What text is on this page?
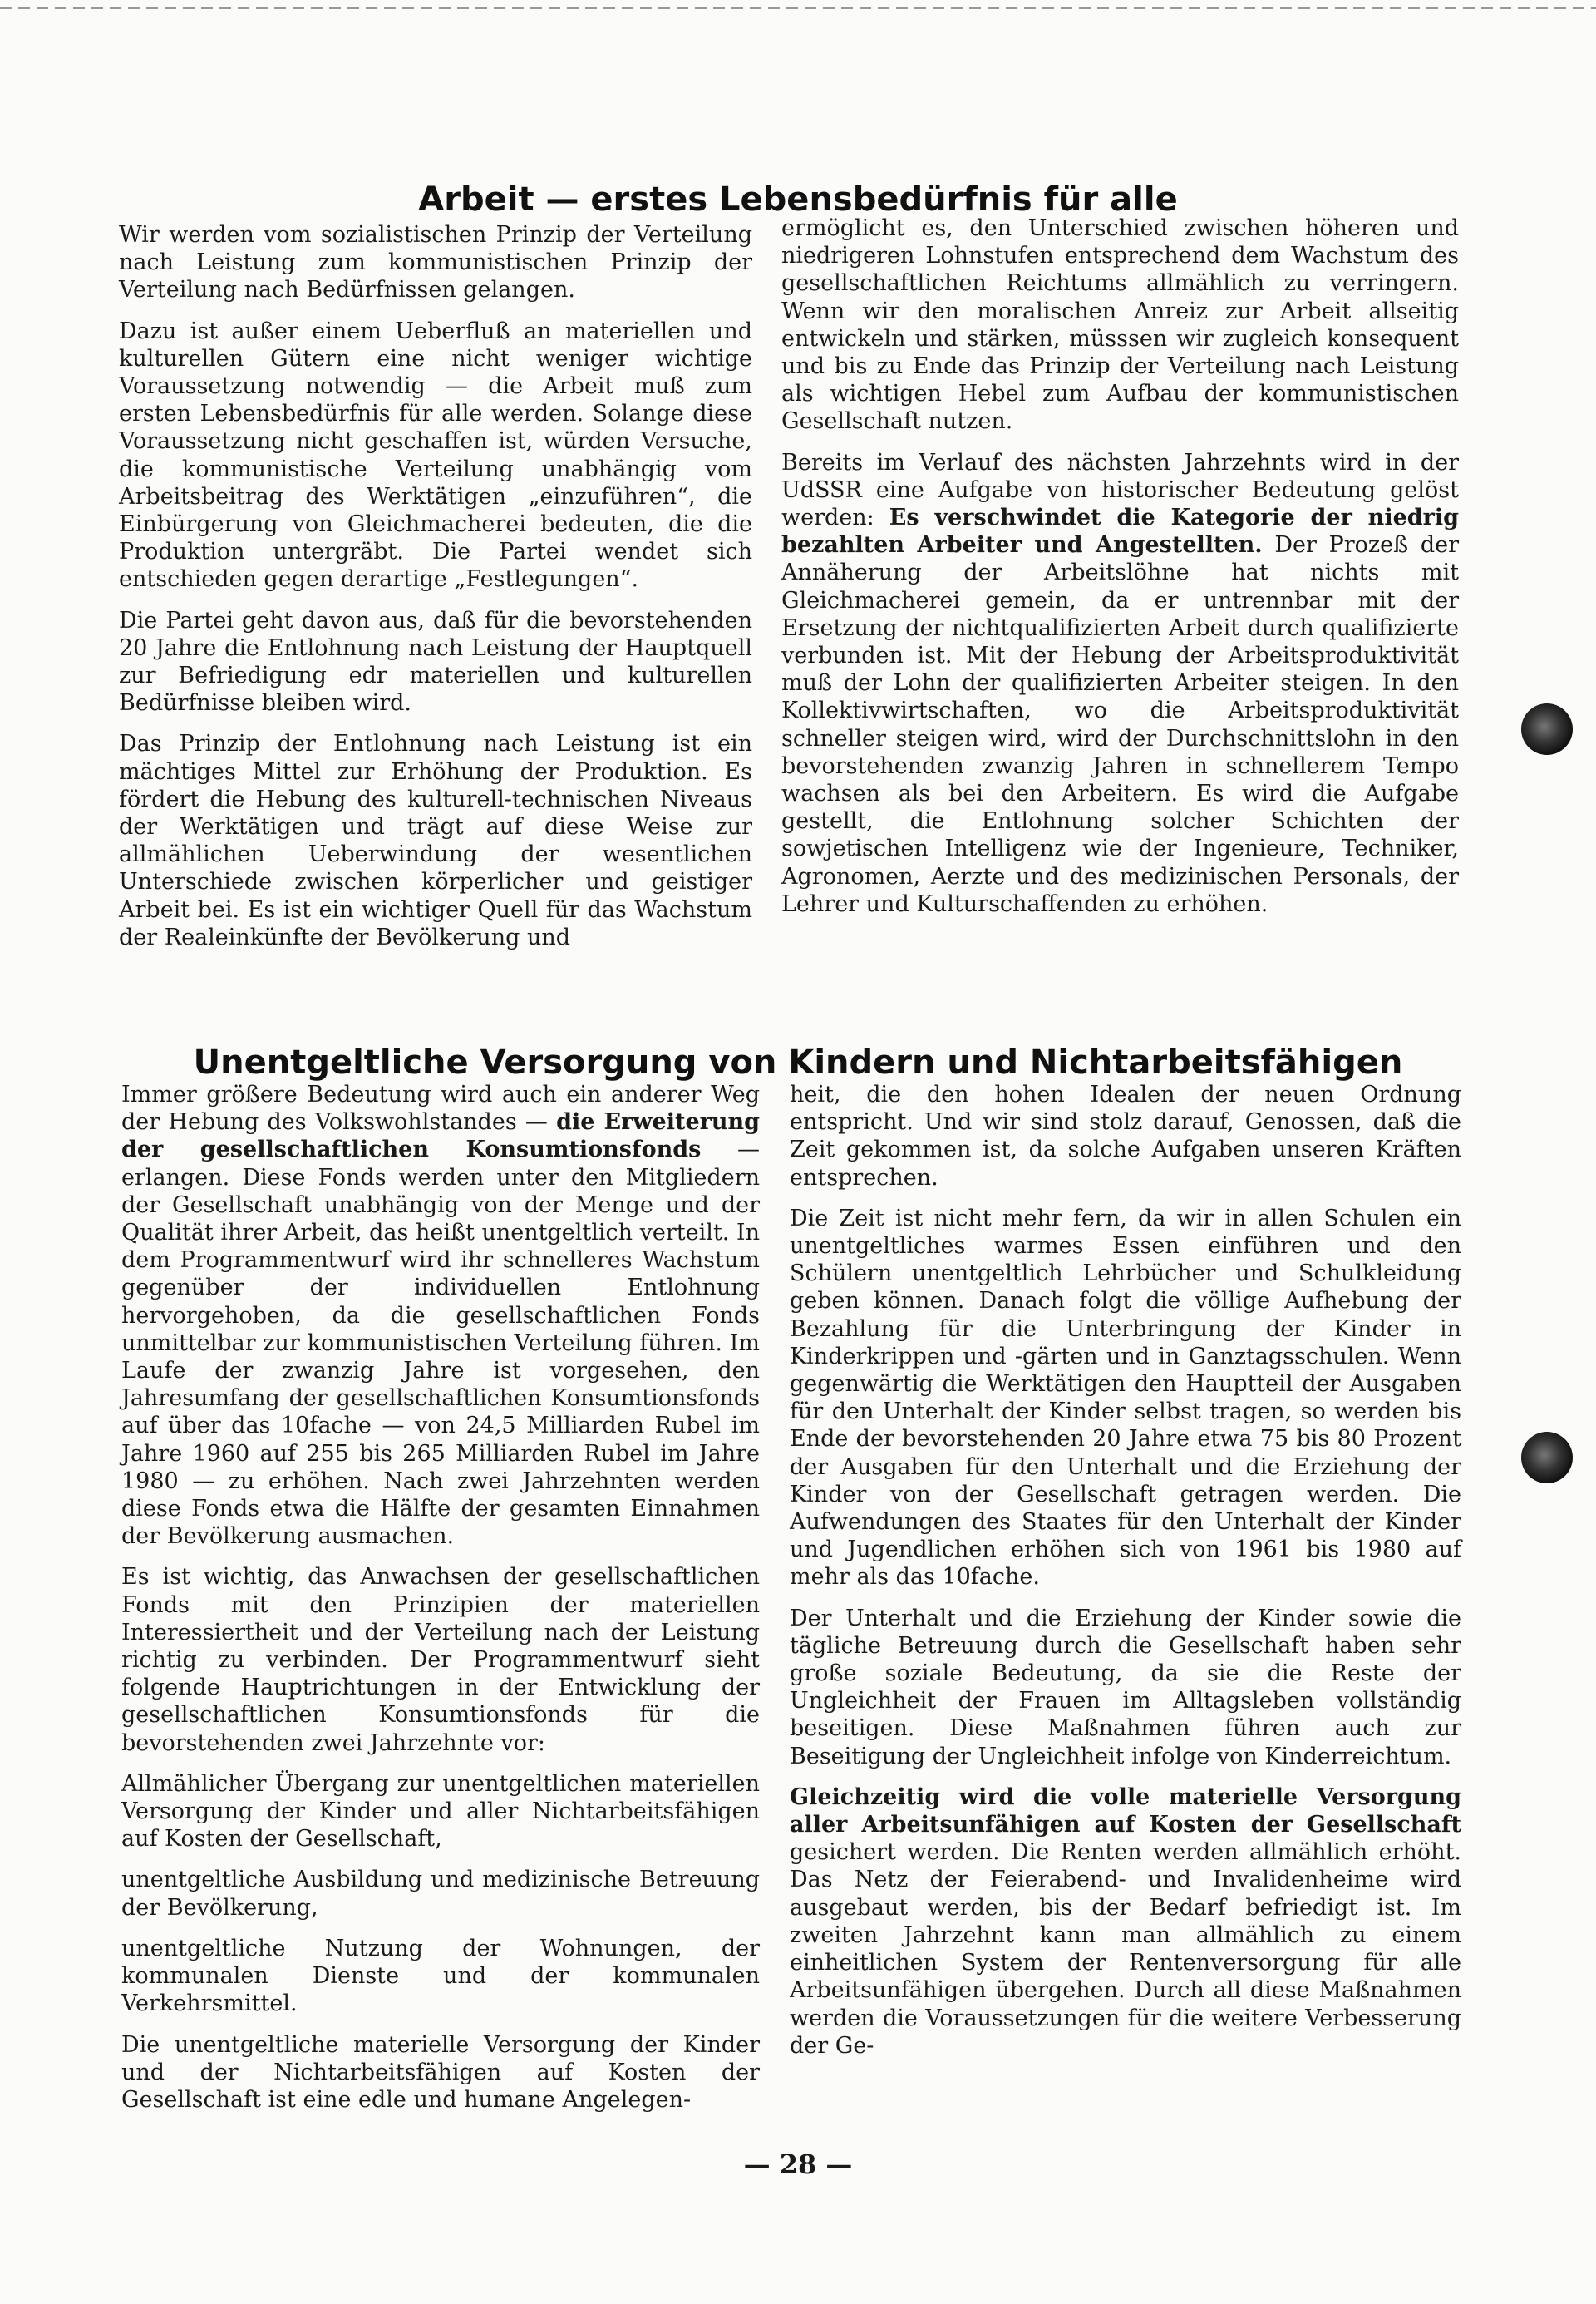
Arbeit — erstes Lebensbedürfnis für alle

Wir werden vom sozialistischen Prinzip der Verteilung nach Leistung zum kommunistischen Prinzip der Verteilung nach Bedürfnissen gelangen.

Dazu ist außer einem Ueberfluß an materiellen und kulturellen Gütern eine nicht weniger wichtige Voraussetzung notwendig — die Arbeit muß zum ersten Lebensbedürfnis für alle werden. Solange diese Voraussetzung nicht geschaffen ist, würden Versuche, die kommunistische Verteilung unabhängig vom Arbeitsbeitrag des Werktätigen „einzuführen“, die Einbürgerung von Gleichmacherei bedeuten, die die Produktion untergräbt. Die Partei wendet sich entschieden gegen derartige „Festlegungen“.

Die Partei geht davon aus, daß für die bevorstehenden 20 Jahre die Entlohnung nach Leistung der Hauptquell zur Befriedigung edr materiellen und kulturellen Bedürfnisse bleiben wird.

Das Prinzip der Entlohnung nach Leistung ist ein mächtiges Mittel zur Erhöhung der Produktion. Es fördert die Hebung des kulturell-technischen Niveaus der Werktätigen und trägt auf diese Weise zur allmählichen Ueberwindung der wesentlichen Unterschiede zwischen körperlicher und geistiger Arbeit bei. Es ist ein wichtiger Quell für das Wachstum der Realeinkünfte der Bevölkerung und

ermöglicht es, den Unterschied zwischen höheren und niedrigeren Lohnstufen entsprechend dem Wachstum des gesellschaftlichen Reichtums allmählich zu verringern. Wenn wir den moralischen Anreiz zur Arbeit allseitig entwickeln und stärken, müsssen wir zugleich konsequent und bis zu Ende das Prinzip der Verteilung nach Leistung als wichtigen Hebel zum Aufbau der kommunistischen Gesellschaft nutzen.

Bereits im Verlauf des nächsten Jahrzehnts wird in der UdSSR eine Aufgabe von historischer Bedeutung gelöst werden: Es verschwindet die Kategorie der niedrig bezahlten Arbeiter und Angestellten. Der Prozeß der Annäherung der Arbeitslöhne hat nichts mit Gleichmacherei gemein, da er untrennbar mit der Ersetzung der nichtqualifizierten Arbeit durch qualifizierte verbunden ist. Mit der Hebung der Arbeitsproduktivität muß der Lohn der qualifizierten Arbeiter steigen. In den Kollektivwirtschaften, wo die Arbeitsproduktivität schneller steigen wird, wird der Durchschnittslohn in den bevorstehenden zwanzig Jahren in schnellerem Tempo wachsen als bei den Arbeitern. Es wird die Aufgabe gestellt, die Entlohnung solcher Schichten der sowjetischen Intelligenz wie der Ingenieure, Techniker, Agronomen, Aerzte und des medizinischen Personals, der Lehrer und Kulturschaffenden zu erhöhen.

Unentgeltliche Versorgung von Kindern und Nichtarbeitsfähigen

Immer größere Bedeutung wird auch ein anderer Weg der Hebung des Volkswohlstandes — die Erweiterung der gesellschaftlichen Konsumtionsfonds — erlangen. Diese Fonds werden unter den Mitgliedern der Gesellschaft unabhängig von der Menge und der Qualität ihrer Arbeit, das heißt unentgeltlich verteilt. In dem Programmentwurf wird ihr schnelleres Wachstum gegenüber der individuellen Entlohnung hervorgehoben, da die gesellschaftlichen Fonds unmittelbar zur kommunistischen Verteilung führen. Im Laufe der zwanzig Jahre ist vorgesehen, den Jahresumfang der gesellschaftlichen Konsumtionsfonds auf über das 10fache — von 24,5 Milliarden Rubel im Jahre 1960 auf 255 bis 265 Milliarden Rubel im Jahre 1980 — zu erhöhen. Nach zwei Jahrzehnten werden diese Fonds etwa die Hälfte der gesamten Einnahmen der Bevölkerung ausmachen.

Es ist wichtig, das Anwachsen der gesellschaftlichen Fonds mit den Prinzipien der materiellen Interessiertheit und der Verteilung nach der Leistung richtig zu verbinden. Der Programmentwurf sieht folgende Hauptrichtungen in der Entwicklung der gesellschaftlichen Konsumtionsfonds für die bevorstehenden zwei Jahrzehnte vor:

Allmählicher Übergang zur unentgeltlichen materiellen Versorgung der Kinder und aller Nichtarbeitsfähigen auf Kosten der Gesellschaft,

unentgeltliche Ausbildung und medizinische Betreuung der Bevölkerung,

unentgeltliche Nutzung der Wohnungen, der kommunalen Dienste und der kommunalen Verkehrsmittel.

Die unentgeltliche materielle Versorgung der Kinder und der Nichtarbeitsfähigen auf Kosten der Gesellschaft ist eine edle und humane Angelegen-

heit, die den hohen Idealen der neuen Ordnung entspricht. Und wir sind stolz darauf, Genossen, daß die Zeit gekommen ist, da solche Aufgaben unseren Kräften entsprechen.

Die Zeit ist nicht mehr fern, da wir in allen Schulen ein unentgeltliches warmes Essen einführen und den Schülern unentgeltlich Lehrbücher und Schulkleidung geben können. Danach folgt die völlige Aufhebung der Bezahlung für die Unterbringung der Kinder in Kinderkrippen und -gärten und in Ganztagsschulen. Wenn gegenwärtig die Werktätigen den Hauptteil der Ausgaben für den Unterhalt der Kinder selbst tragen, so werden bis Ende der bevorstehenden 20 Jahre etwa 75 bis 80 Prozent der Ausgaben für den Unterhalt und die Erziehung der Kinder von der Gesellschaft getragen werden. Die Aufwendungen des Staates für den Unterhalt der Kinder und Jugendlichen erhöhen sich von 1961 bis 1980 auf mehr als das 10fache.

Der Unterhalt und die Erziehung der Kinder sowie die tägliche Betreuung durch die Gesellschaft haben sehr große soziale Bedeutung, da sie die Reste der Ungleichheit der Frauen im Alltagsleben vollständig beseitigen. Diese Maßnahmen führen auch zur Beseitigung der Ungleichheit infolge von Kinderreichtum.

Gleichzeitig wird die volle materielle Versorgung aller Arbeitsunfähigen auf Kosten der Gesellschaft gesichert werden. Die Renten werden allmählich erhöht. Das Netz der Feierabend- und Invalidenheime wird ausgebaut werden, bis der Bedarf befriedigt ist. Im zweiten Jahrzehnt kann man allmählich zu einem einheitlichen System der Rentenversorgung für alle Arbeitsunfähigen übergehen. Durch all diese Maßnahmen werden die Voraussetzungen für die weitere Verbesserung der Ge-

— 28 —
